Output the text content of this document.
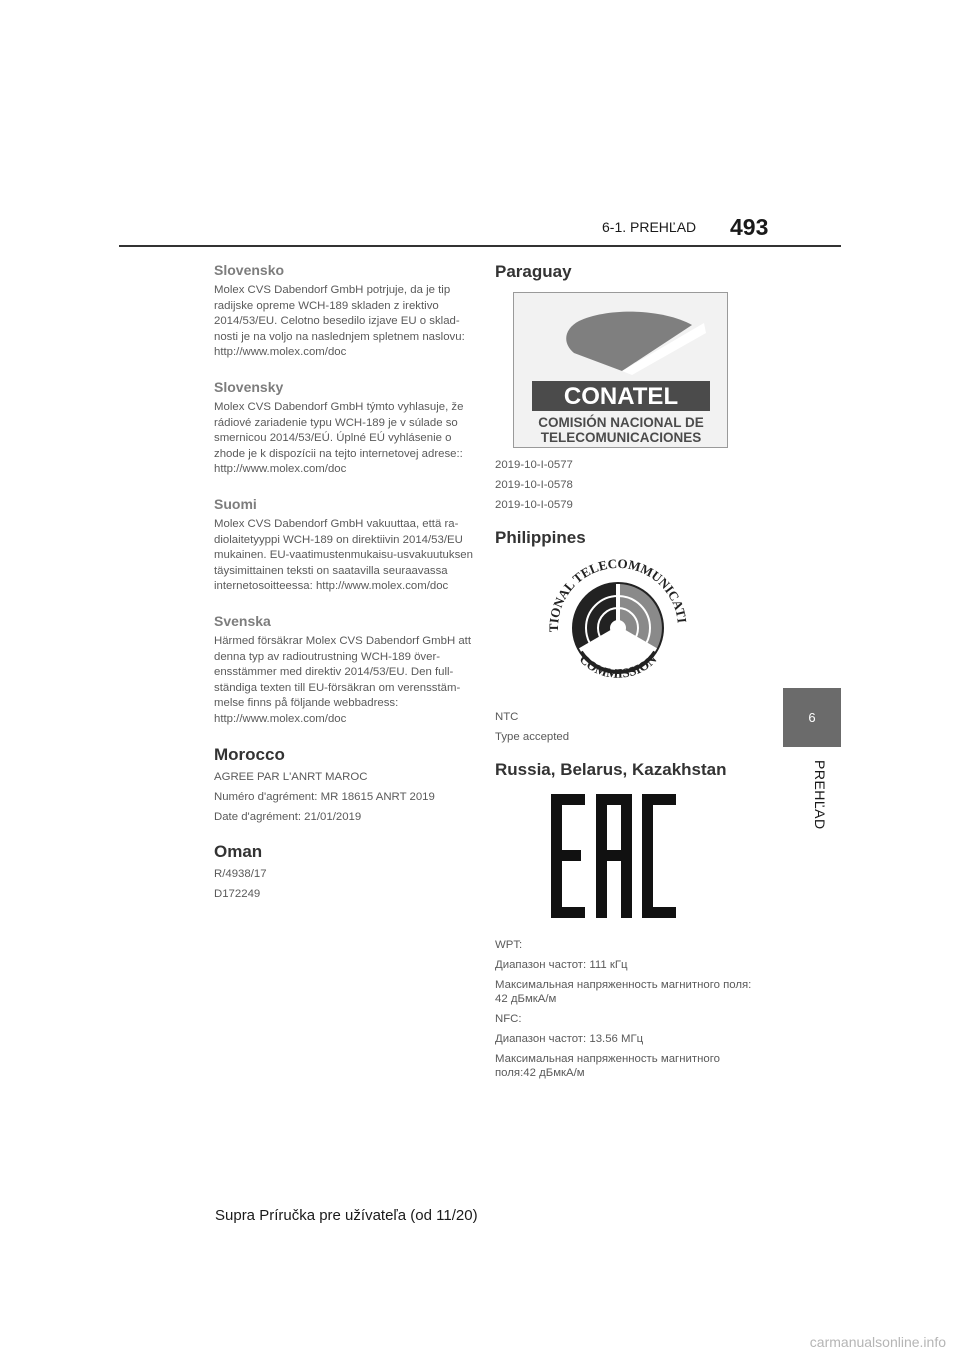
6-1. PREHĽAD 493
6
PREHĽAD
Slovensko

Molex CVS Dabendorf GmbH potrjuje, da je tip radijske opreme WCH-189 skladen z irektivo 2014/53/EU. Celotno besedilo izjave EU o sklad-nosti je na voljo na naslednjem spletnem naslovu: http://www.molex.com/doc

Slovensky

Molex CVS Dabendorf GmbH týmto vyhlasuje, že rádiové zariadenie typu WCH-189 je v súlade so smernicou 2014/53/EÚ. Úplné EÚ vyhlásenie o zhode je k dispozícii na tejto internetovej adrese:: http://www.molex.com/doc

Suomi

Molex CVS Dabendorf GmbH vakuuttaa, että ra-diolaitetyyppi WCH-189 on direktiivin 2014/53/EU mukainen. EU-vaatimustenmukaisu-usvakuutuksen täysimittainen teksti on saatavilla seuraavassa internetosoitteessa: http://www.molex.com/doc

Svenska

Härmed försäkrar Molex CVS Dabendorf GmbH att denna typ av radioutrustning WCH-189 över-ensstämmer med direktiv 2014/53/EU. Den full-ständiga texten till EU-försäkran om verensstäm-melse finns på följande webbadress: http://www.molex.com/doc

Morocco

AGREE PAR L'ANRT MAROC

Numéro d'agrément: MR 18615 ANRT 2019

Date d'agrément: 21/01/2019

Oman

R/4938/17

D172249

Paraguay
CONATEL
COMISIÓN NACIONAL DE
TELECOMUNICACIONES

2019-10-I-0577

2019-10-I-0578

2019-10-I-0579

Philippines
TIONAL TELECOMMUNICATI
COMMISSION

NTC

Type accepted

Russia, Belarus, Kazakhstan

WPT:

Диапазон частот: 111 кГц

Максимальная напряженность магнитного поля: 42 дБмкА/м

NFC:

Диапазон частот: 13.56 МГц

Максимальная напряженность магнитного поля:42 дБмкА/м

Supra Príručka pre užívateľa (od 11/20)
carmanualsonline.info
